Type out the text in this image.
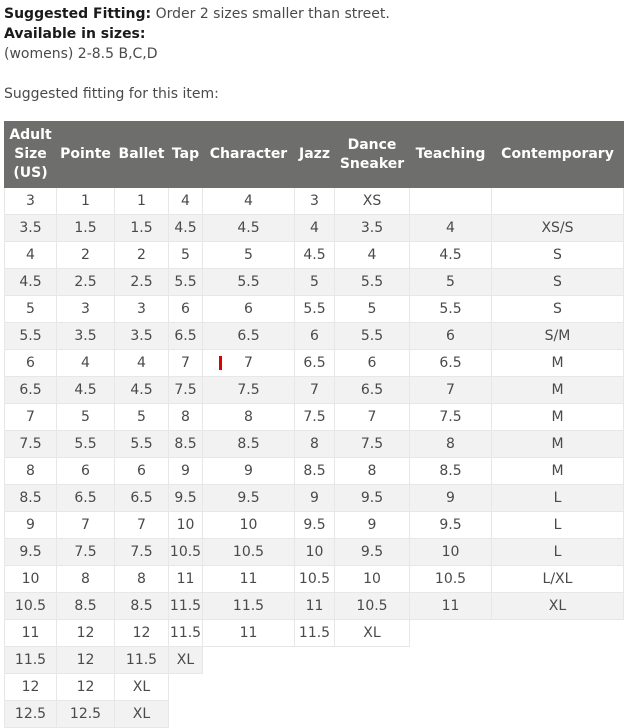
Suggested Fitting: Order 2 sizes smaller than street.
Available in sizes:
(womens) 2-8.5 B,C,D
Suggested fitting for this item:
Adult Size (US)	Pointe	Ballet	Tap	Character	Jazz	Dance Sneaker	Teaching	Contemporary
3	1	1	4	4	3	XS		
3.5	1.5	1.5	4.5	4.5	4	3.5	4	XS/S
4	2	2	5	5	4.5	4	4.5	S
4.5	2.5	2.5	5.5	5.5	5	5.5	5	S
5	3	3	6	6	5.5	5	5.5	S
5.5	3.5	3.5	6.5	6.5	6	5.5	6	S/M
6	4	4	7	7	6.5	6	6.5	M
6.5	4.5	4.5	7.5	7.5	7	6.5	7	M
7	5	5	8	8	7.5	7	7.5	M
7.5	5.5	5.5	8.5	8.5	8	7.5	8	M
8	6	6	9	9	8.5	8	8.5	M
8.5	6.5	6.5	9.5	9.5	9	9.5	9	L
9	7	7	10	10	9.5	9	9.5	L
9.5	7.5	7.5	10.5	10.5	10	9.5	10	L
10	8	8	11	11	10.5	10	10.5	L/XL
10.5	8.5	8.5	11.5	11.5	11	10.5	11	XL
11	12	12	11.5	11	11.5	XL		
11.5	12	11.5	XL					
12	12	XL						
12.5	12.5	XL						
